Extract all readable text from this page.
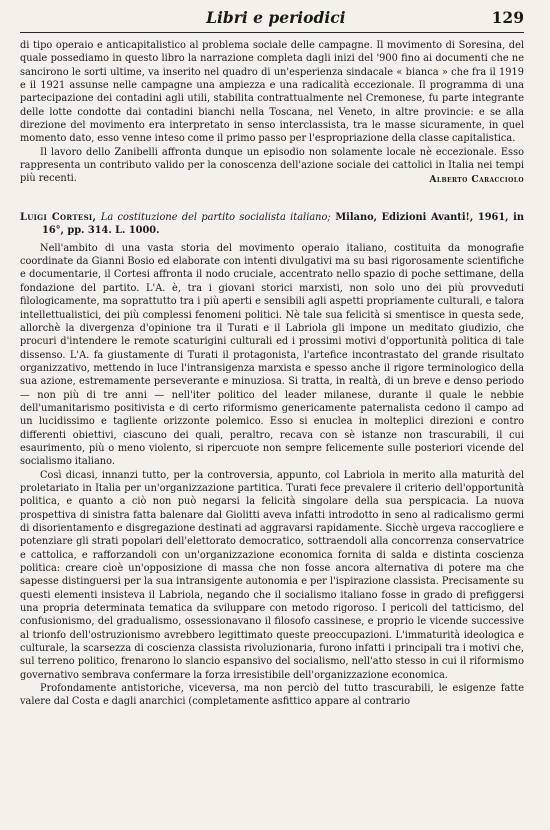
Libri e periodici	129

di tipo operaio e anticapitalistico al problema sociale delle campagne. Il movimento di Soresina, del quale possediamo in questo libro la narrazione completa dagli inizi del '900 fino ai documenti che ne sancirono le sorti ultime, va inserito nel quadro di un'esperienza sindacale « bianca » che fra il 1919 e il 1921 assunse nelle campagne una ampiezza e una radicalità eccezionale. Il programma di una partecipazione dei contadini agli utili, stabilita contrattualmente nel Cremonese, fu parte integrante delle lotte condotte dai contadini bianchi nella Toscana, nel Veneto, in altre provincie: e se alla direzione del movimento era interpretato in senso interclassista, tra le masse sicuramente, in quel momento dato, esso venne inteso come il primo passo per l'espropriazione della classe capitalistica.

Il lavoro dello Zanibelli affronta dunque un episodio non solamente locale nè eccezionale. Esso rappresenta un contributo valido per la conoscenza dell'azione sociale dei cattolici in Italia nei tempi più recenti.	Alberto Caracciolo
Luigi Cortesi, La costituzione del partito socialista italiano; Milano, Edizioni Avanti!, 1961, in 16°, pp. 314. L. 1000.

Nell'ambito di una vasta storia del movimento operaio italiano, costituita da monografie coordinate da Gianni Bosio ed elaborate con intenti divulgativi ma su basi rigorosamente scientifiche e documentarie, il Cortesi affronta il nodo cruciale, accentrato nello spazio di poche settimane, della fondazione del partito. L'A. è, tra i giovani storici marxisti, non solo uno dei più provveduti filologicamente, ma soprattutto tra i più aperti e sensibili agli aspetti propriamente culturali, e talora intellettualistici, dei più complessi fenomeni politici. Nè tale sua felicità si smentisce in questa sede, allorchè la divergenza d'opinione tra il Turati e il Labriola gli impone un meditato giudizio, che procuri d'intendere le remote scaturigini culturali ed i prossimi motivi d'opportunità politica di tale dissenso. L'A. fa giustamente di Turati il protagonista, l'artefice incontrastato del grande risultato organizzativo, mettendo in luce l'intransigenza marxista e spesso anche il rigore terminologico della sua azione, estremamente perseverante e minuziosa. Si tratta, in realtà, di un breve e denso periodo — non più di tre anni — nell'iter politico del leader milanese, durante il quale le nebbie dell'umanitarismo positivista e di certo riformismo genericamente paternalista cedono il campo ad un lucidissimo e tagliente orizzonte polemico. Esso si enuclea in molteplici direzioni e contro differenti obiettivi, ciascuno dei quali, peraltro, recava con sè istanze non trascurabili, il cui esaurimento, più o meno violento, si ripercuote non sempre felicemente sulle posteriori vicende del socialismo italiano.

Così dicasi, innanzi tutto, per la controversia, appunto, col Labriola in merito alla maturità del proletariato in Italia per un'organizzazione partitica. Turati fece prevalere il criterio dell'opportunità politica, e quanto a ciò non può negarsi la felicità singolare della sua perspicacia. La nuova prospettiva di sinistra fatta balenare dal Giolitti aveva infatti introdotto in seno al radicalismo germi di disorientamento e disgregazione destinati ad aggravarsi rapidamente. Sicchè urgeva raccogliere e potenziare gli strati popolari dell'elettorato democratico, sottraendoli alla concorrenza conservatrice e cattolica, e rafforzandoli con un'organizzazione economica fornita di salda e distinta coscienza politica: creare cioè un'opposizione di massa che non fosse ancora alternativa di potere ma che sapesse distinguersi per la sua intransigente autonomia e per l'ispirazione classista. Precisamente su questi elementi insisteva il Labriola, negando che il socialismo italiano fosse in grado di prefiggersi una propria determinata tematica da sviluppare con metodo rigoroso. I pericoli del tatticismo, del confusionismo, del gradualismo, ossessionavano il filosofo cassinese, e proprio le vicende successive al trionfo dell'ostruzionismo avrebbero legittimato queste preoccupazioni. L'immaturità ideologica e culturale, la scarsezza di coscienza classista rivoluzionaria, furono infatti i principali tra i motivi che, sul terreno politico, frenarono lo slancio espansivo del socialismo, nell'atto stesso in cui il riformismo governativo sembrava confermare la forza irresistibile dell'organizzazione economica.

Profondamente antistoriche, viceversa, ma non perciò del tutto trascurabili, le esigenze fatte valere dal Costa e dagli anarchici (completamente asfittico appare al contrario
